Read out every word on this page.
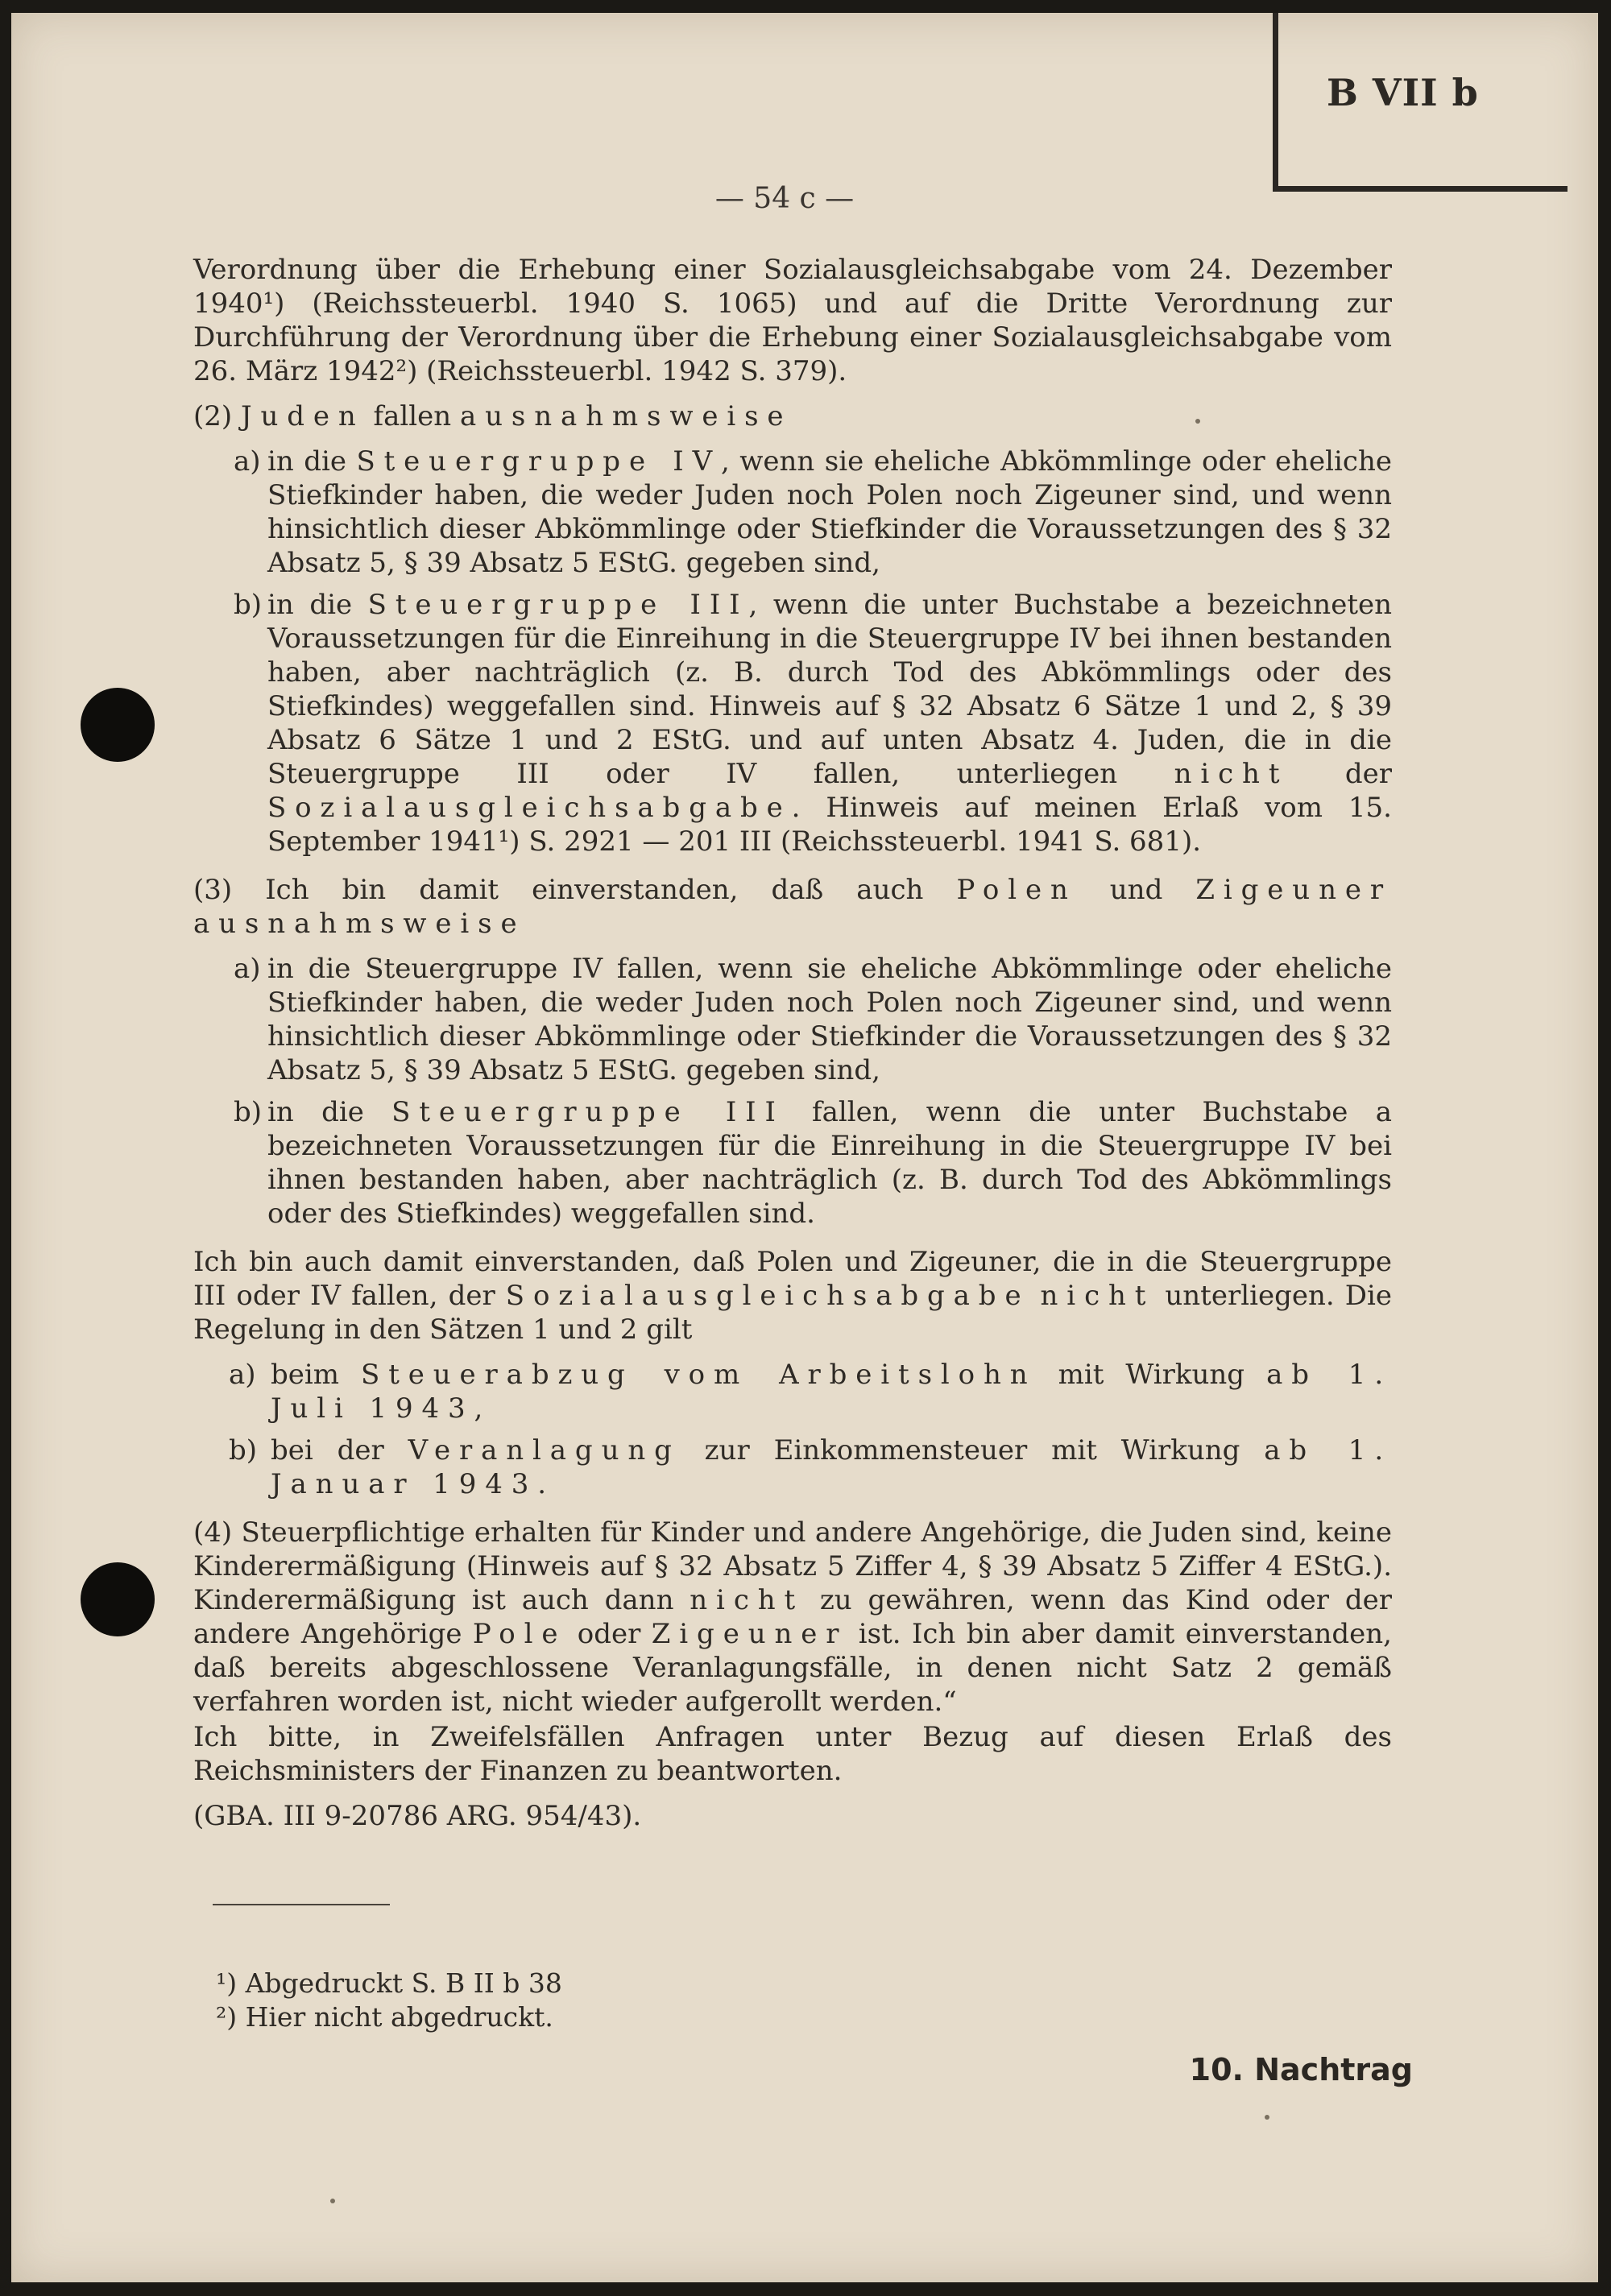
B VII b
— 54 c —

Verordnung über die Erhebung einer Sozialausgleichsabgabe vom 24. Dezember 1940¹) (Reichssteuerbl. 1940 S. 1065) und auf die Dritte Verordnung zur Durchführung der Verordnung über die Erhebung einer Sozialausgleichsabgabe vom 26. März 1942²) (Reichssteuerbl. 1942 S. 379).

(2) Juden fallen ausnahmsweise

a) in die Steuergruppe IV, wenn sie eheliche Abkömmlinge oder eheliche Stiefkinder haben, die weder Juden noch Polen noch Zigeuner sind, und wenn hinsichtlich dieser Abkömmlinge oder Stiefkinder die Voraussetzungen des § 32 Absatz 5, § 39 Absatz 5 EStG. gegeben sind,
b) in die Steuergruppe III, wenn die unter Buchstabe a bezeichneten Voraussetzungen für die Einreihung in die Steuergruppe IV bei ihnen bestanden haben, aber nachträglich (z. B. durch Tod des Abkömmlings oder des Stiefkindes) weggefallen sind. Hinweis auf § 32 Absatz 6 Sätze 1 und 2, § 39 Absatz 6 Sätze 1 und 2 EStG. und auf unten Absatz 4. Juden, die in die Steuergruppe III oder IV fallen, unterliegen nicht der Sozialausgleichsabgabe. Hinweis auf meinen Erlaß vom 15. September 1941¹) S. 2921 — 201 III (Reichssteuerbl. 1941 S. 681).

(3) Ich bin damit einverstanden, daß auch Polen und Zigeuner ausnahmsweise

a) in die Steuergruppe IV fallen, wenn sie eheliche Abkömmlinge oder eheliche Stiefkinder haben, die weder Juden noch Polen noch Zigeuner sind, und wenn hinsichtlich dieser Abkömmlinge oder Stiefkinder die Voraussetzungen des § 32 Absatz 5, § 39 Absatz 5 EStG. gegeben sind,
b) in die Steuergruppe III fallen, wenn die unter Buchstabe a bezeichneten Voraussetzungen für die Einreihung in die Steuergruppe IV bei ihnen bestanden haben, aber nachträglich (z. B. durch Tod des Abkömmlings oder des Stiefkindes) weggefallen sind.

Ich bin auch damit einverstanden, daß Polen und Zigeuner, die in die Steuergruppe III oder IV fallen, der Sozialausgleichsabgabe nicht unterliegen. Die Regelung in den Sätzen 1 und 2 gilt

a) beim Steuerabzug vom Arbeitslohn mit Wirkung ab 1. Juli 1943,
b) bei der Veranlagung zur Einkommensteuer mit Wirkung ab 1. Januar 1943.

(4) Steuerpflichtige erhalten für Kinder und andere Angehörige, die Juden sind, keine Kinderermäßigung (Hinweis auf § 32 Absatz 5 Ziffer 4, § 39 Absatz 5 Ziffer 4 EStG.). Kinderermäßigung ist auch dann nicht zu gewähren, wenn das Kind oder der andere Angehörige Pole oder Zigeuner ist. Ich bin aber damit einverstanden, daß bereits abgeschlossene Veranlagungsfälle, in denen nicht Satz 2 gemäß verfahren worden ist, nicht wieder aufgerollt werden.“

Ich bitte, in Zweifelsfällen Anfragen unter Bezug auf diesen Erlaß des Reichsministers der Finanzen zu beantworten.

(GBA. III 9-20786 ARG. 954/43).

¹) Abgedruckt S. B II b 38
²) Hier nicht abgedruckt.
10. Nachtrag
